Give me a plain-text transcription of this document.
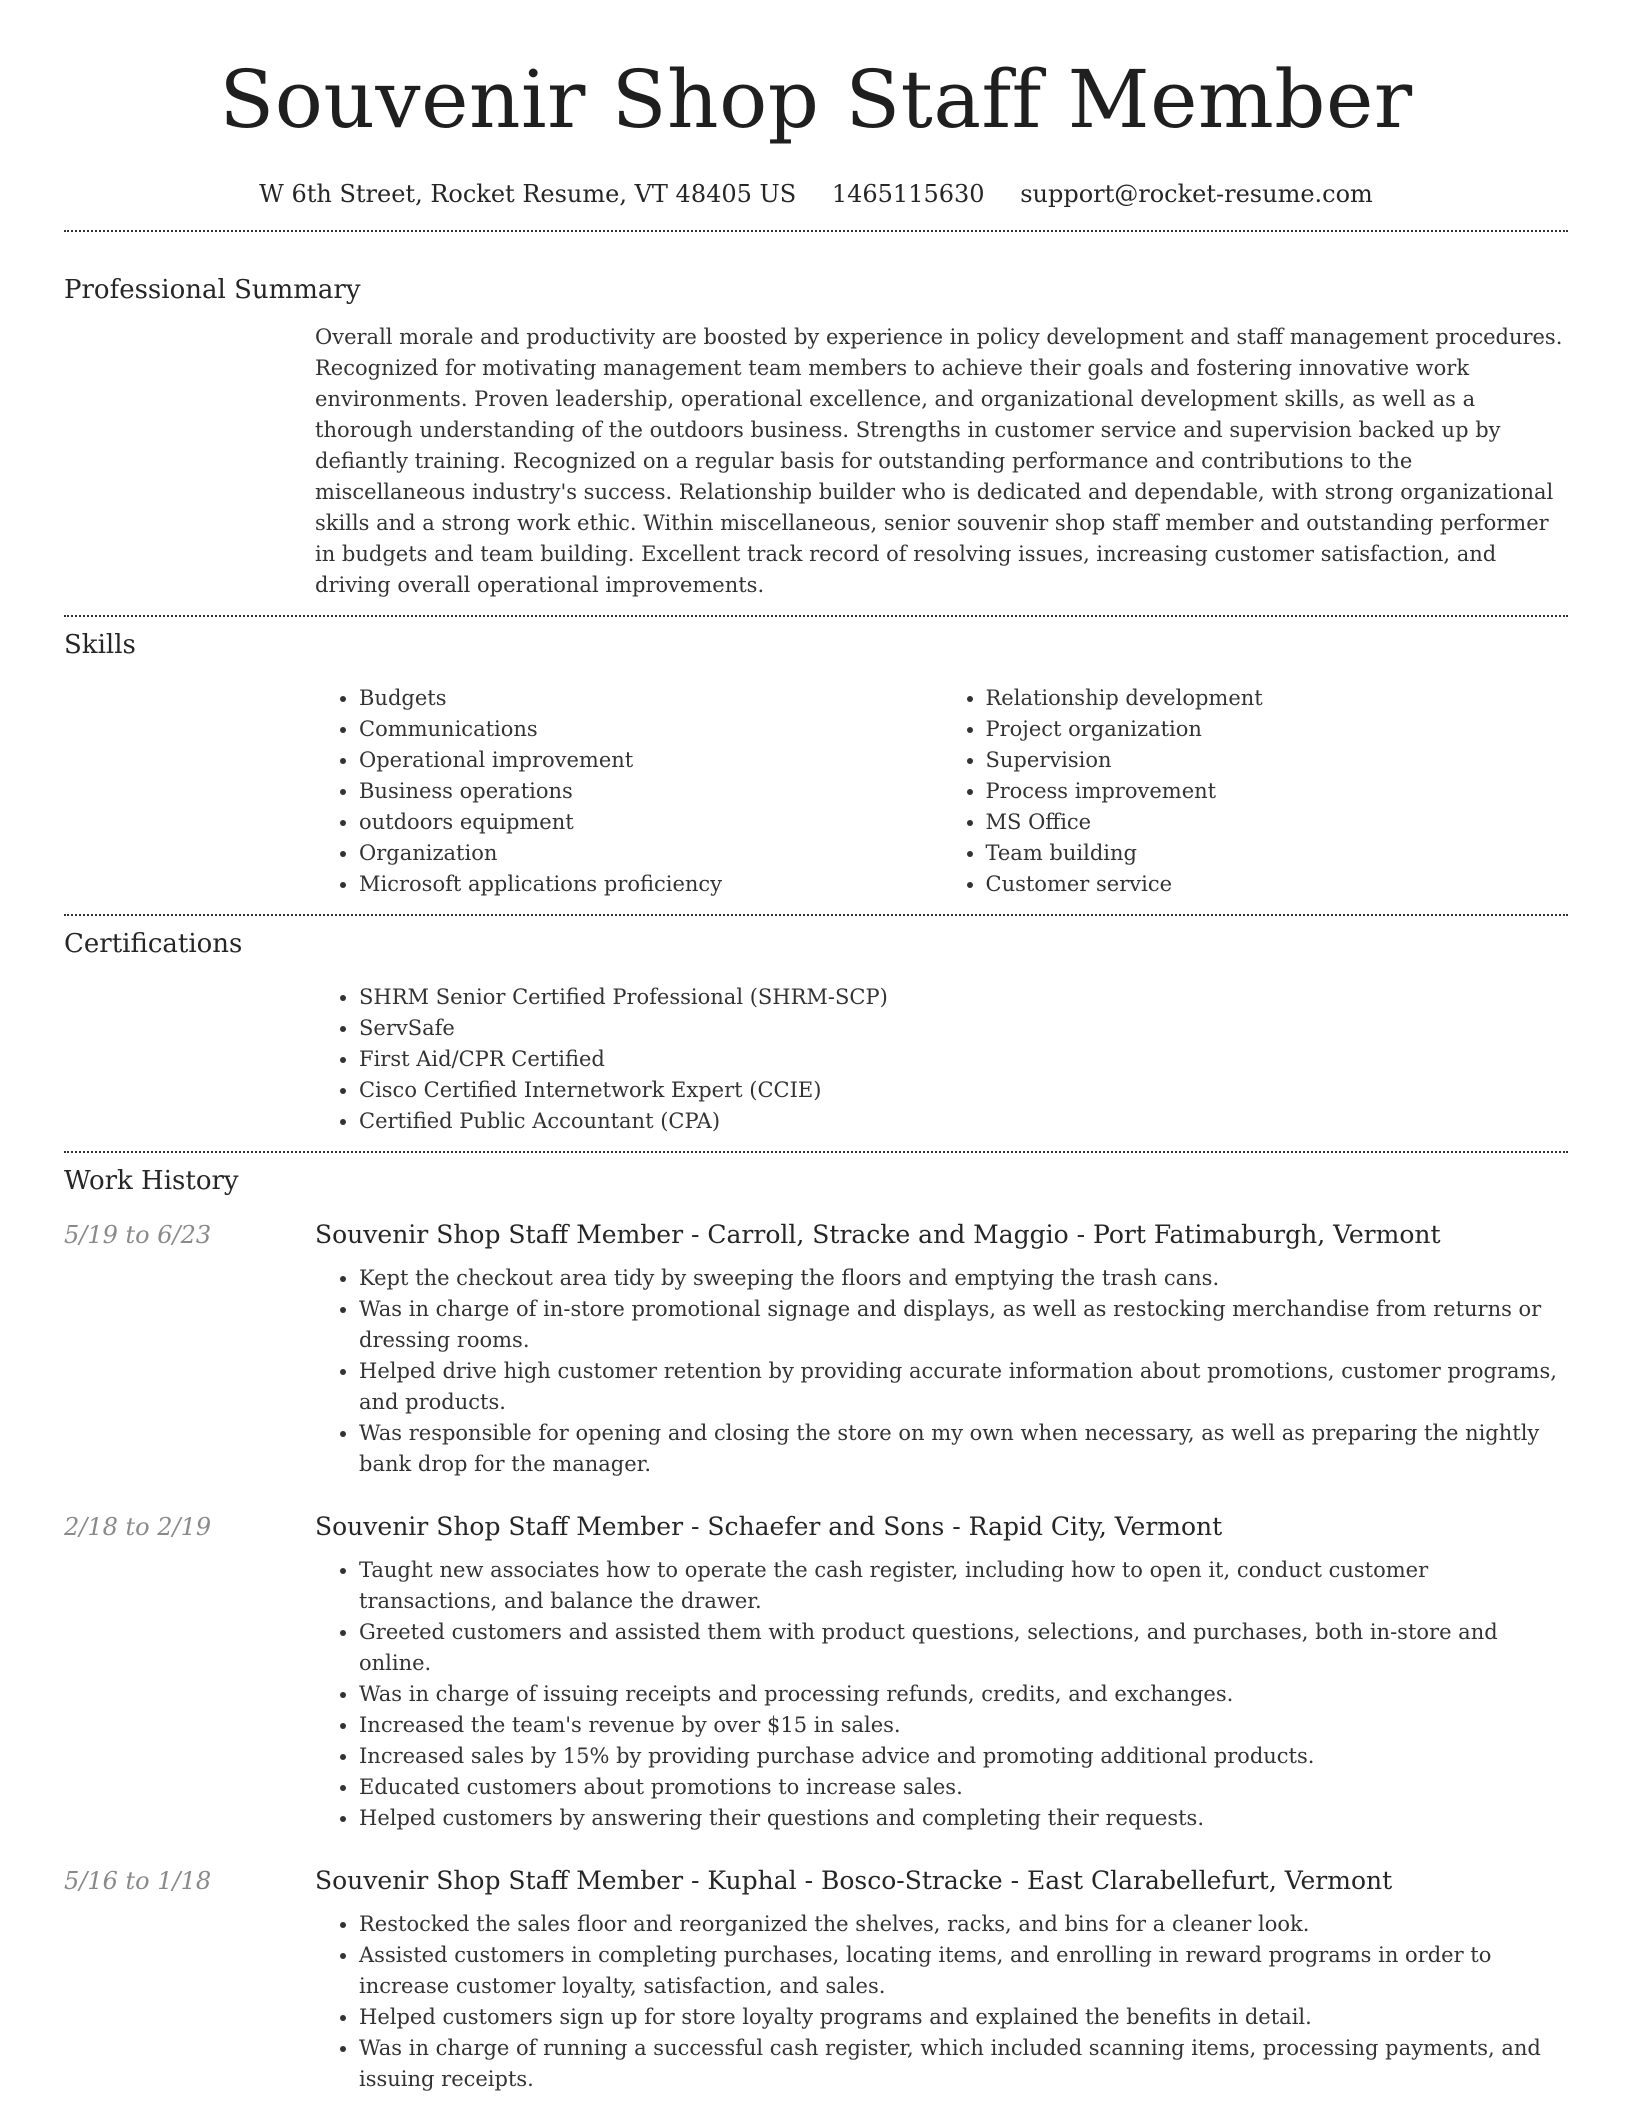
Souvenir Shop Staff Member
W 6th Street, Rocket Resume, VT 48405 US 1465115630 support@rocket-resume.com
Professional Summary

Overall morale and productivity are boosted by experience in policy development and staff management procedures. Recognized for motivating management team members to achieve their goals and fostering innovative work environments. Proven leadership, operational excellence, and organizational development skills, as well as a thorough understanding of the outdoors business. Strengths in customer service and supervision backed up by defiantly training. Recognized on a regular basis for outstanding performance and contributions to the miscellaneous industry's success. Relationship builder who is dedicated and dependable, with strong organizational skills and a strong work ethic. Within miscellaneous, senior souvenir shop staff member and outstanding performer in budgets and team building. Excellent track record of resolving issues, increasing customer satisfaction, and driving overall operational improvements.

Skills
• Budgets
• Communications
• Operational improvement
• Business operations
• outdoors equipment
• Organization
• Microsoft applications proficiency
• Relationship development
• Project organization
• Supervision
• Process improvement
• MS Office
• Team building
• Customer service
Certifications
• SHRM Senior Certified Professional (SHRM-SCP)
• ServSafe
• First Aid/CPR Certified
• Cisco Certified Internetwork Expert (CCIE)
• Certified Public Accountant (CPA)
Work History
5/19 to 6/23	Souvenir Shop Staff Member - Carroll, Stracke and Maggio - Port Fatimaburgh, Vermont
• Kept the checkout area tidy by sweeping the floors and emptying the trash cans.
• Was in charge of in-store promotional signage and displays, as well as restocking merchandise from returns or dressing rooms.
• Helped drive high customer retention by providing accurate information about promotions, customer programs, and products.
• Was responsible for opening and closing the store on my own when necessary, as well as preparing the nightly bank drop for the manager.
2/18 to 2/19	Souvenir Shop Staff Member - Schaefer and Sons - Rapid City, Vermont
• Taught new associates how to operate the cash register, including how to open it, conduct customer transactions, and balance the drawer.
• Greeted customers and assisted them with product questions, selections, and purchases, both in-store and online.
• Was in charge of issuing receipts and processing refunds, credits, and exchanges.
• Increased the team's revenue by over $15 in sales.
• Increased sales by 15% by providing purchase advice and promoting additional products.
• Educated customers about promotions to increase sales.
• Helped customers by answering their questions and completing their requests.
5/16 to 1/18	Souvenir Shop Staff Member - Kuphal - Bosco-Stracke - East Clarabellefurt, Vermont
• Restocked the sales floor and reorganized the shelves, racks, and bins for a cleaner look.
• Assisted customers in completing purchases, locating items, and enrolling in reward programs in order to increase customer loyalty, satisfaction, and sales.
• Helped customers sign up for store loyalty programs and explained the benefits in detail.
• Was in charge of running a successful cash register, which included scanning items, processing payments, and issuing receipts.
